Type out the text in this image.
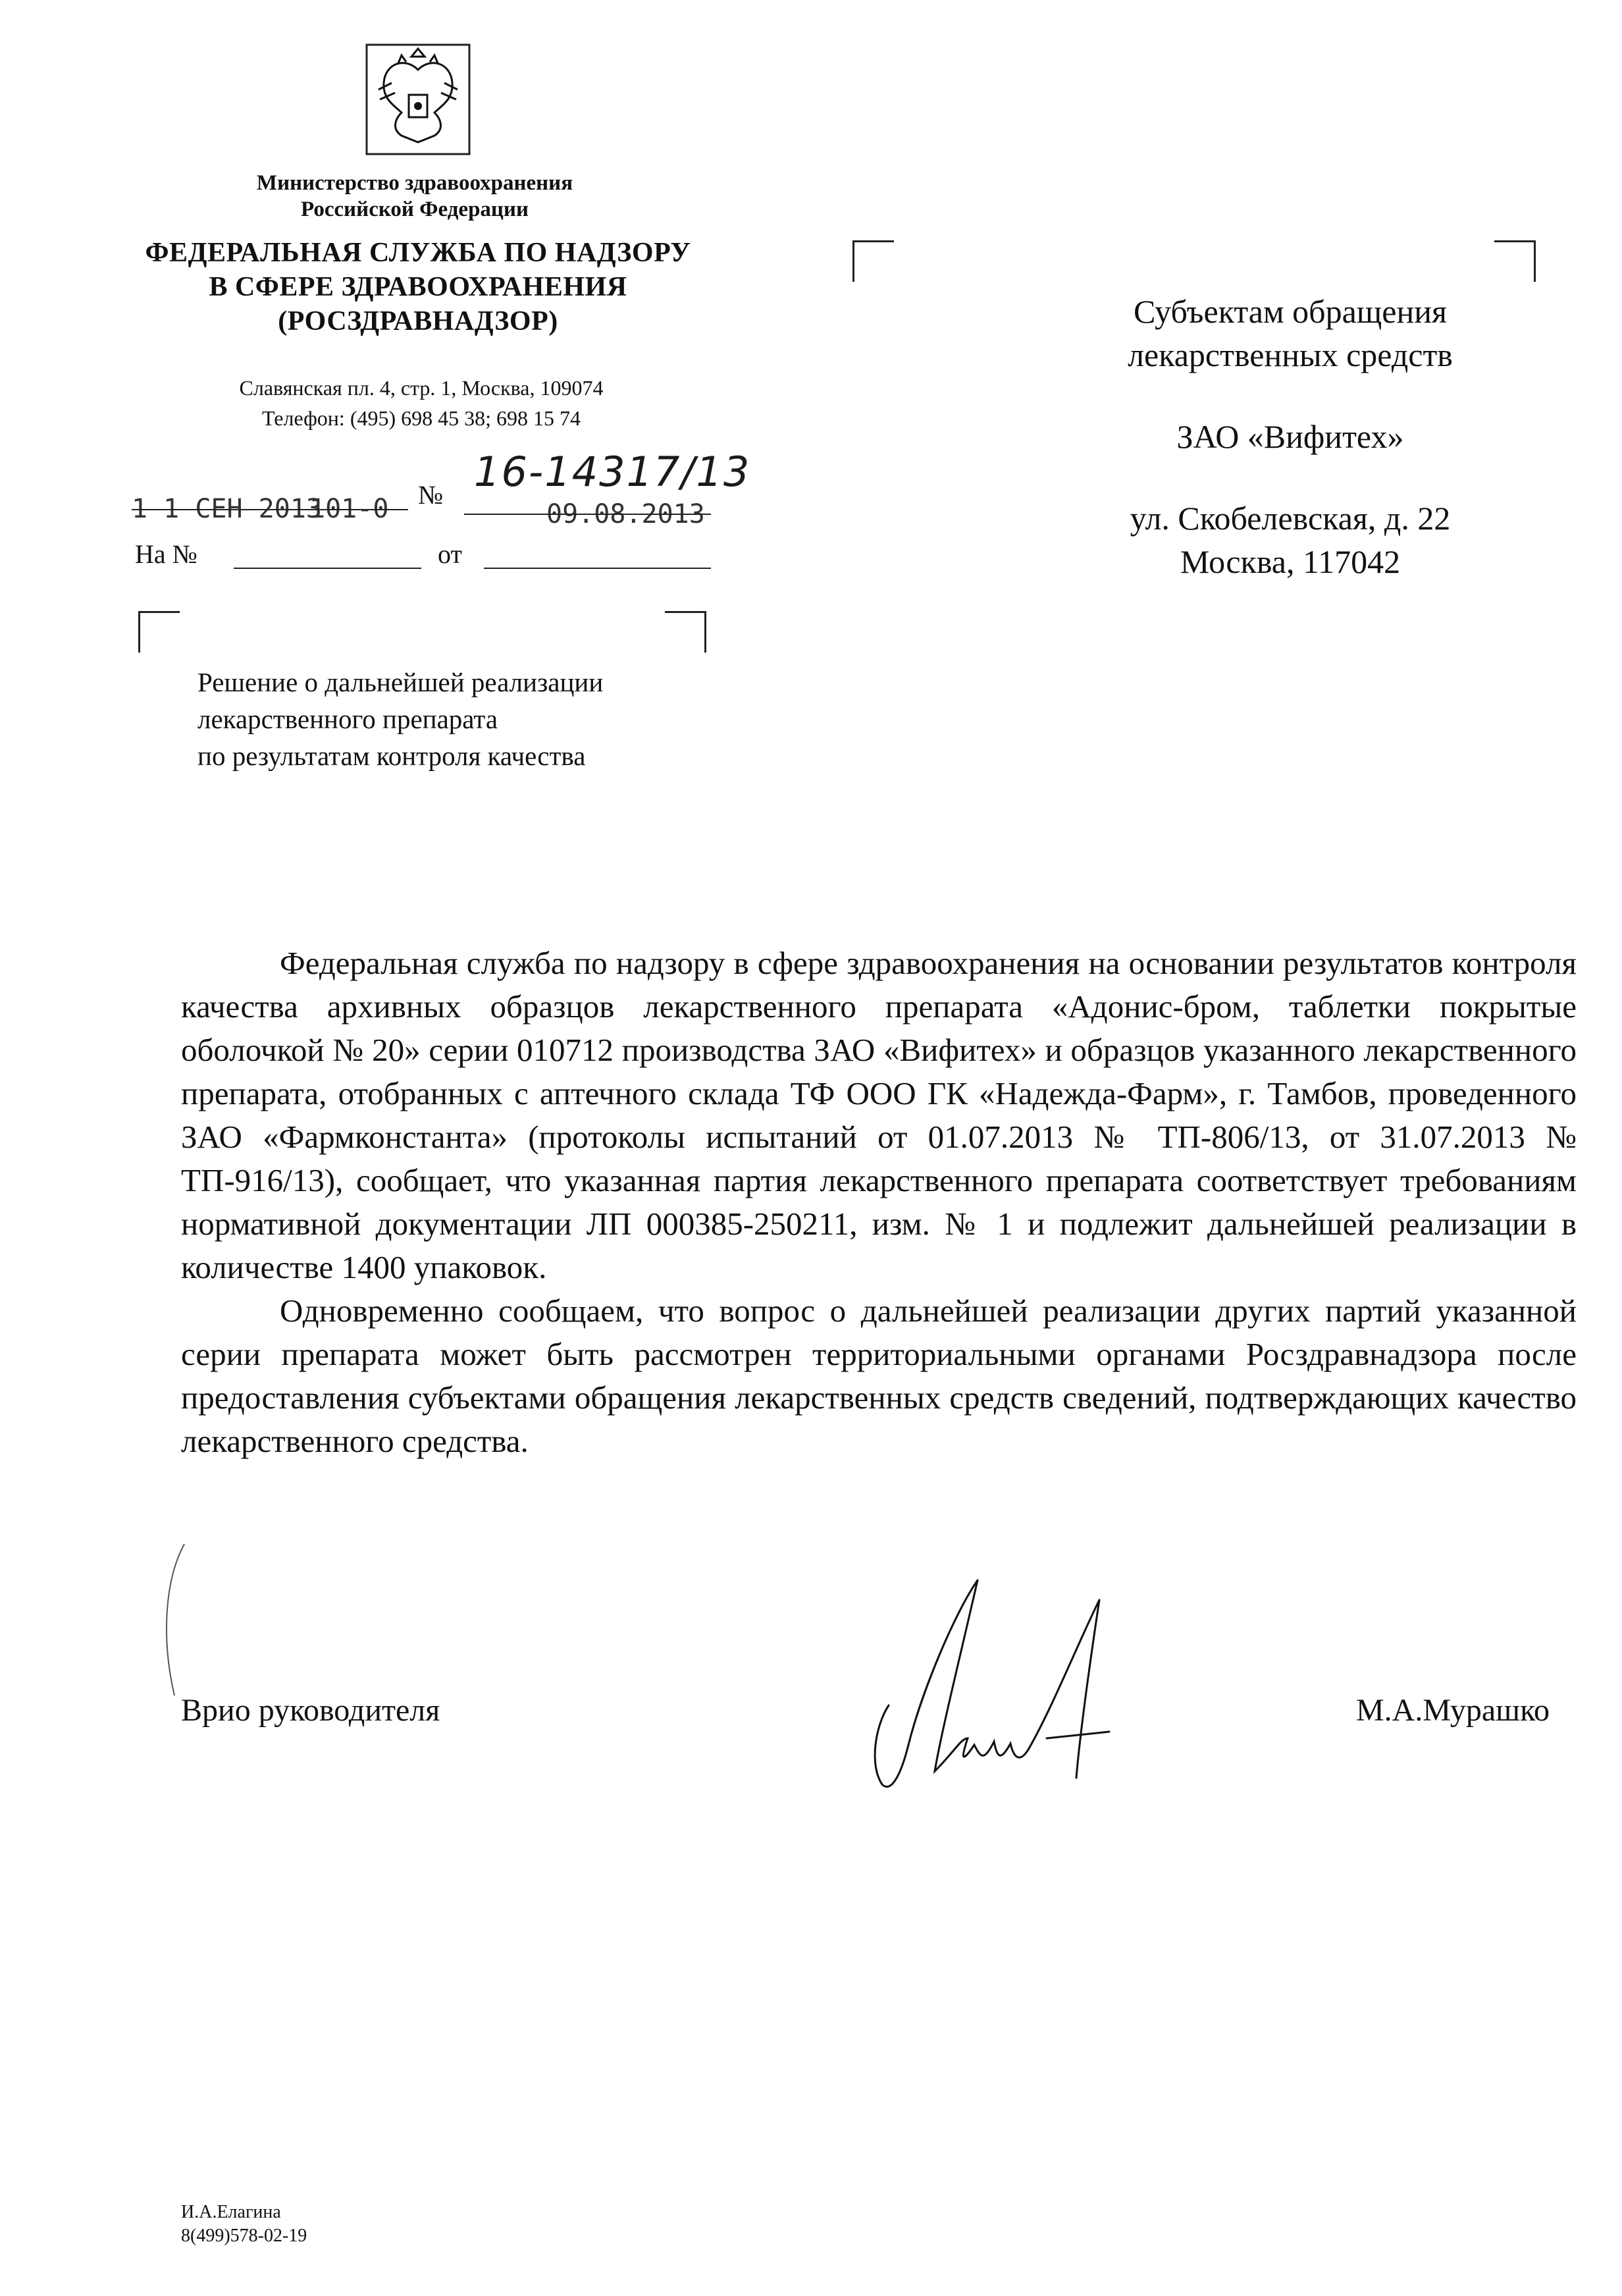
Министерство здравоохранения
Российской Федерации
ФЕДЕРАЛЬНАЯ СЛУЖБА ПО НАДЗОРУ
В СФЕРЕ ЗДРАВООХРАНЕНИЯ
(РОСЗДРАВНАДЗОР)
Славянская пл. 4, стр. 1, Москва, 109074
Телефон: (495) 698 45 38; 698 15 74
1 1 СЕН 2013
101-0 № 16-14317/13
09.08.2013
На №	от
Субъектам обращения
лекарственных средств
ЗАО «Вифитех»
ул. Скобелевская, д. 22
Москва, 117042
Решение о дальнейшей реализации
лекарственного препарата
по результатам контроля качества

Федеральная служба по надзору в сфере здравоохранения на основании результатов контроля качества архивных образцов лекарственного препарата «Адонис-бром, таблетки покрытые оболочкой № 20» серии 010712 производства ЗАО «Вифитех» и образцов указанного лекарственного препарата, отобранных с аптечного склада ТФ ООО ГК «Надежда-Фарм», г. Тамбов, проведенного ЗАО «Фармконстанта» (протоколы испытаний от 01.07.2013 № ТП-806/13, от 31.07.2013 № ТП-916/13), сообщает, что указанная партия лекарственного препарата соответствует требованиям нормативной документации ЛП 000385-250211, изм. № 1 и подлежит дальнейшей реализации в количестве 1400 упаковок.

Одновременно сообщаем, что вопрос о дальнейшей реализации других партий указанной серии препарата может быть рассмотрен территориальными органами Росздравнадзора после предоставления субъектами обращения лекарственных средств сведений, подтверждающих качество лекарственного средства.

Врио руководителя	М.А.Мурашко
И.А.Елагина
8(499)578-02-19
